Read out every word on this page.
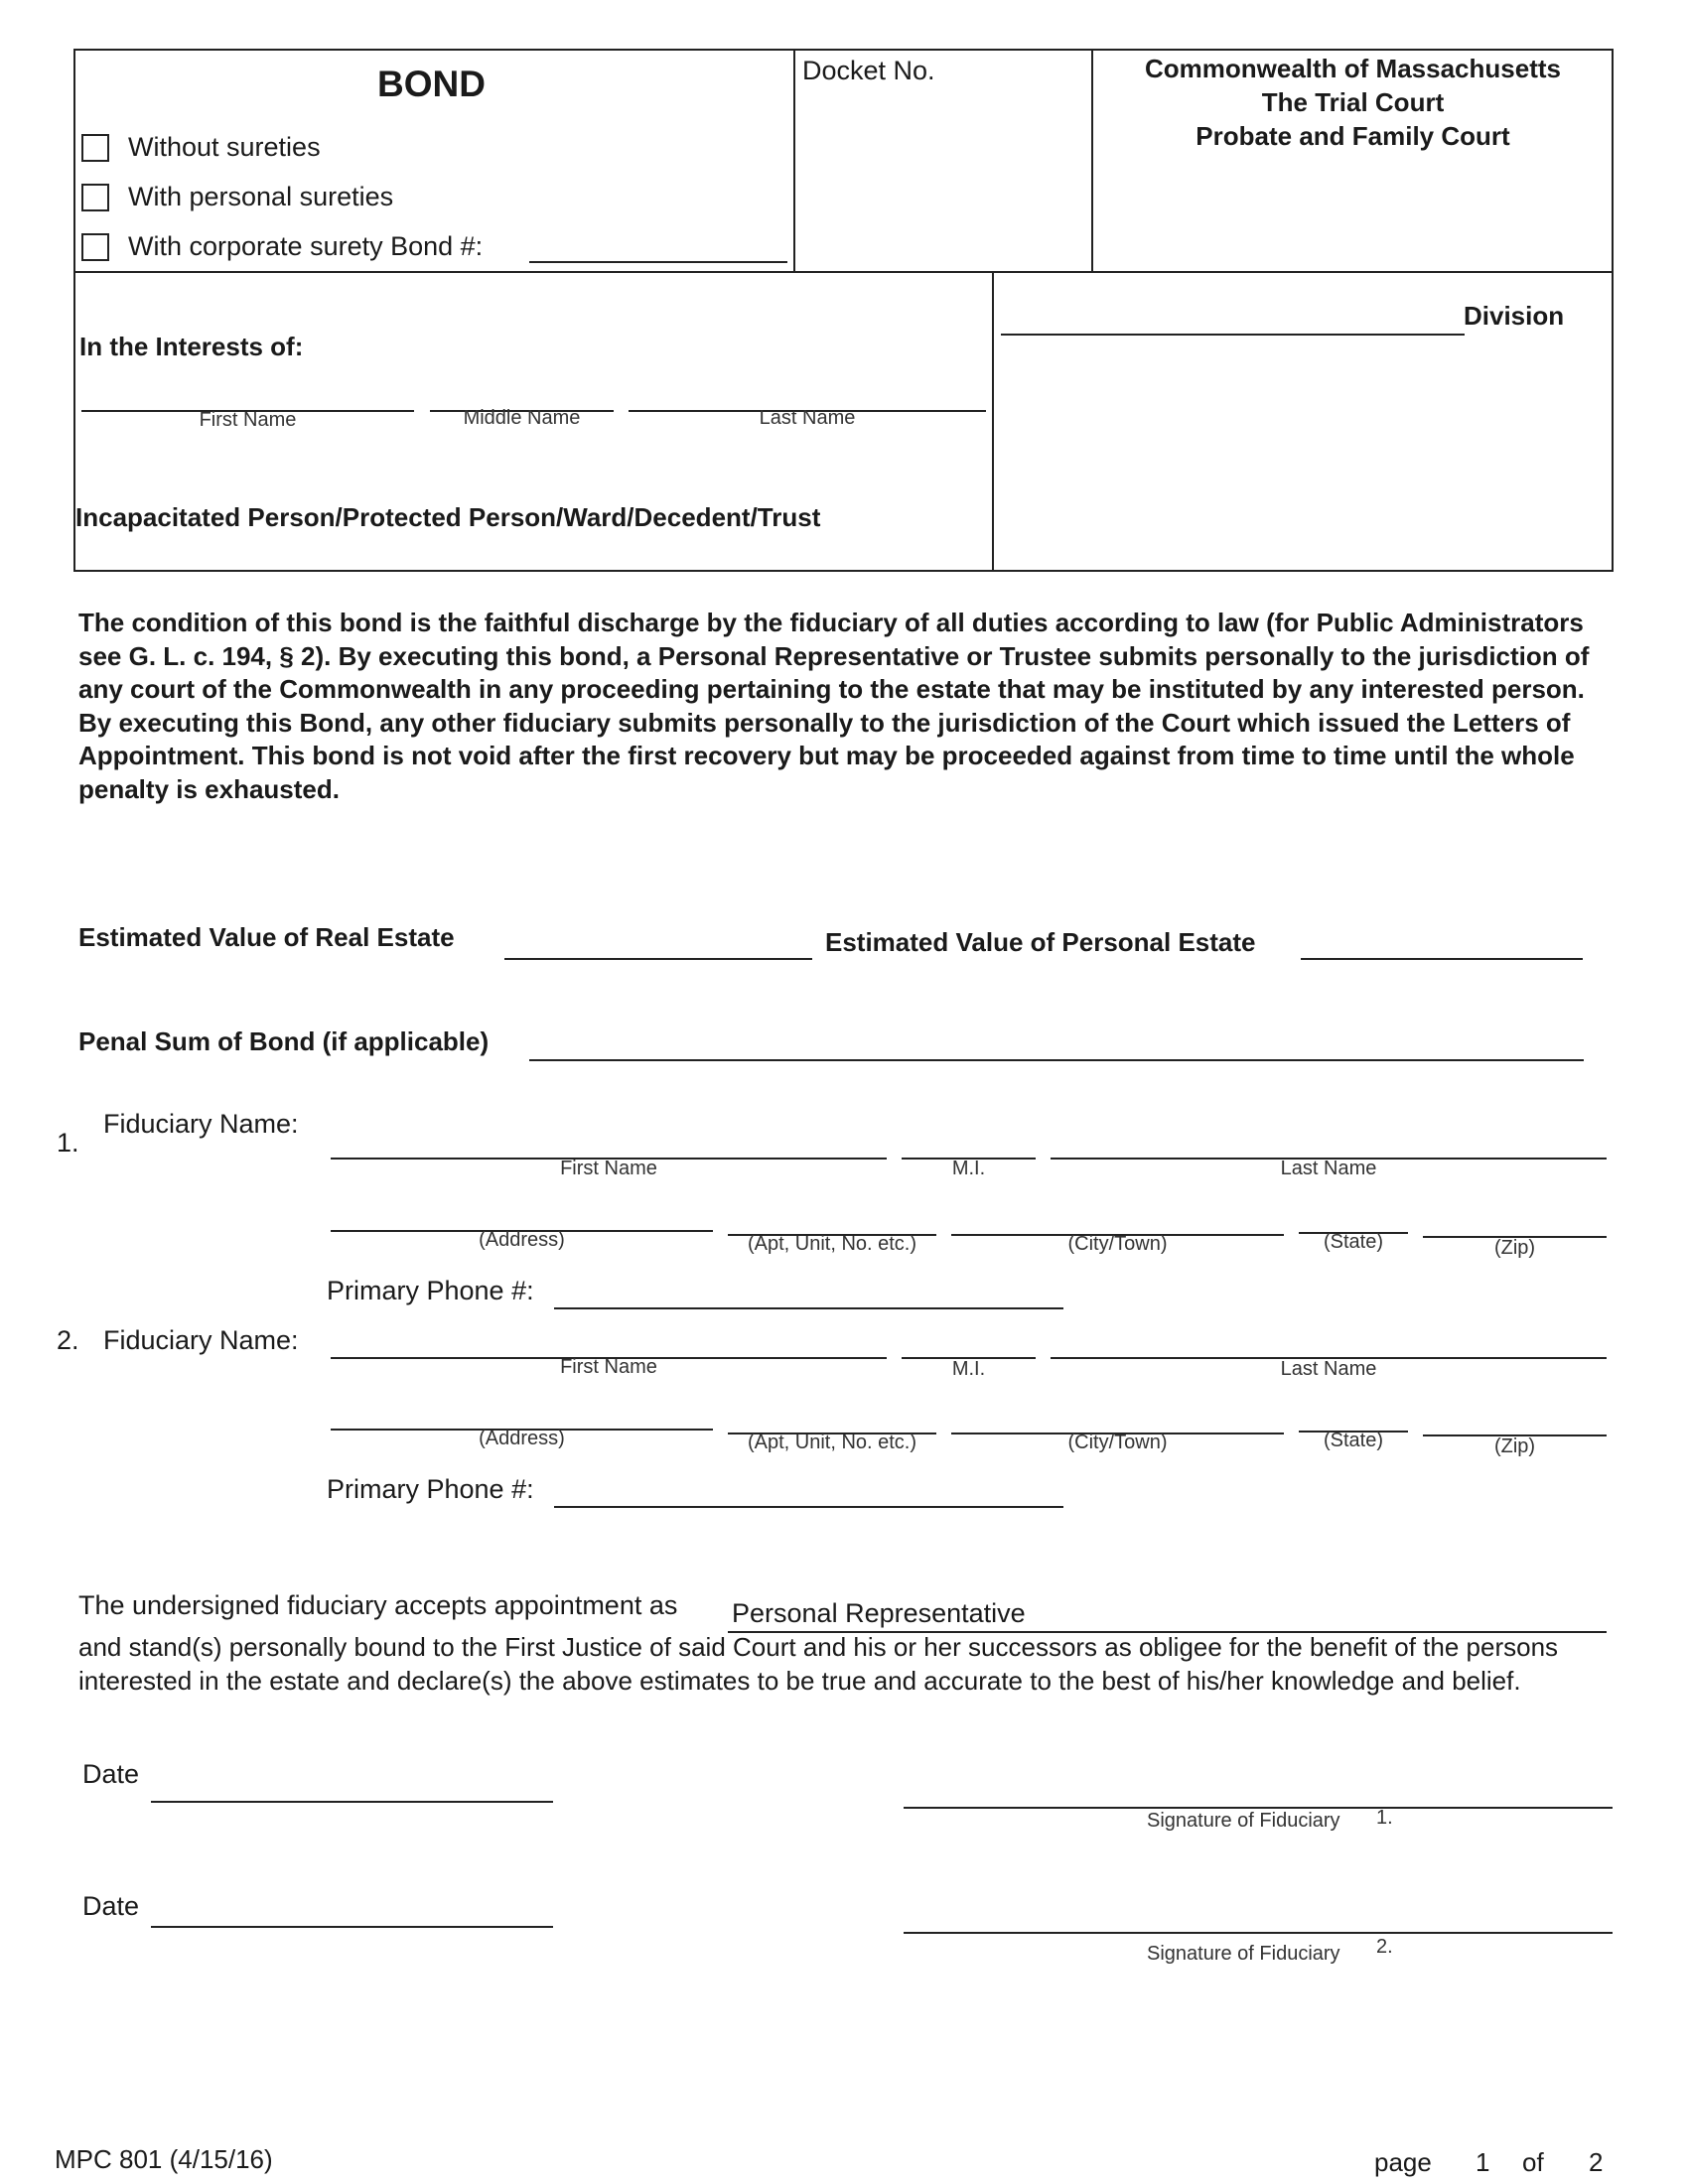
BOND
Without sureties
With personal sureties
With corporate surety Bond #:
Docket No.	Commonwealth of Massachusetts
The Trial Court
Probate and Family Court
In the Interests of:
First Name	Middle Name	Last Name
Incapacitated Person/Protected Person/Ward/Decedent/Trust
Division
The condition of this bond is the faithful discharge by the fiduciary of all duties according to law (for Public Administrators see G. L. c. 194, § 2). By executing this bond, a Personal Representative or Trustee submits personally to the jurisdiction of any court of the Commonwealth in any proceeding pertaining to the estate that may be instituted by any interested person. By executing this Bond, any other fiduciary submits personally to the jurisdiction of the Court which issued the Letters of Appointment. This bond is not void after the first recovery but may be proceeded against from time to time until the whole penalty is exhausted.
Estimated Value of Real Estate	Estimated Value of Personal Estate
Penal Sum of Bond (if applicable)
1.
Fiduciary Name:
First Name	M.I.	Last Name
(Address)	(Apt, Unit, No. etc.)	(City/Town)	(State)	(Zip)
Primary Phone #:
2. Fiduciary Name:
First Name	M.I.	Last Name
(Address)	(Apt, Unit, No. etc.)	(City/Town)	(State)	(Zip)
Primary Phone #:
The undersigned fiduciary accepts appointment as Personal Representative
and stand(s) personally bound to the First Justice of said Court and his or her successors as obligee for the benefit of the persons interested in the estate and declare(s) the above estimates to be true and accurate to the best of his/her knowledge and belief.
Date
Signature of Fiduciary 1.
Date
Signature of Fiduciary 2.
MPC 801 (4/15/16)	page 1 of 2
